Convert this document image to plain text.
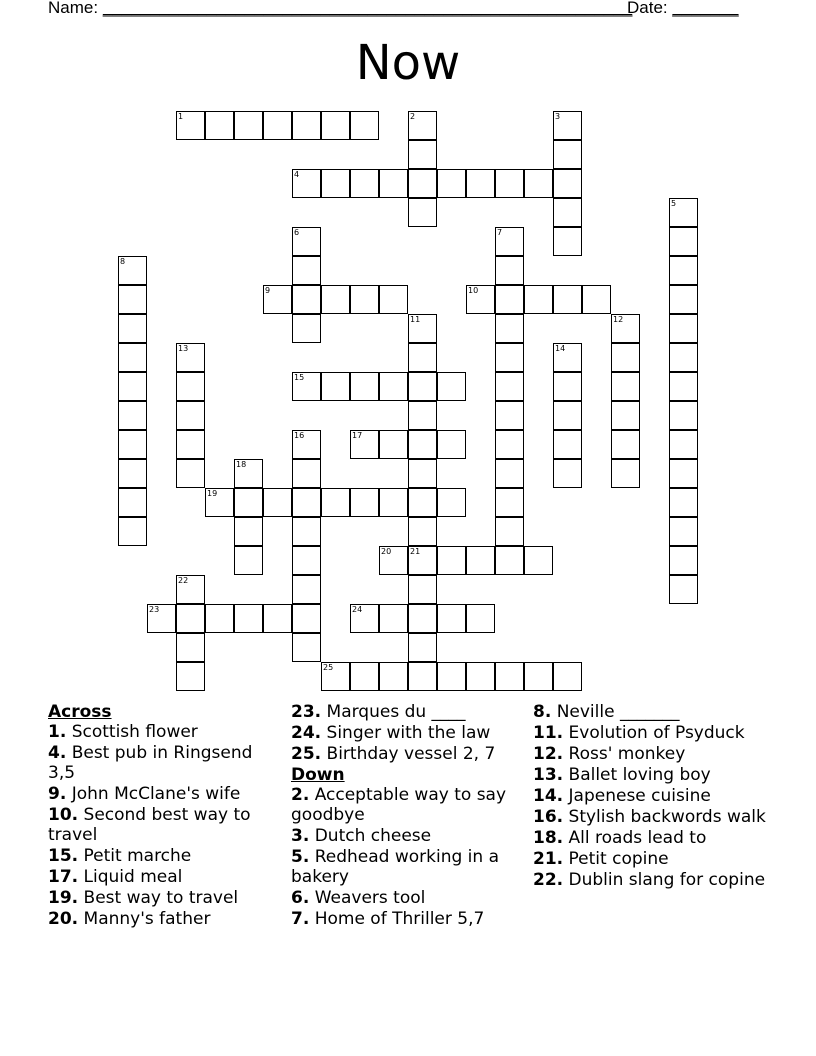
Name: ________________________________________________________
Date: _______
Now
1	2	3
4
5
6	7
8
9	10
11
21
12
13	14
15
16	17
18
19
20
22
23	24
25

Across

1. Scottish flower

4. Best pub in Ringsend 3,5

9. John McClane's wife

10. Second best way to travel

15. Petit marche

17. Liquid meal

19. Best way to travel

20. Manny's father

23. Marques du ____

24. Singer with the law

25. Birthday vessel 2, 7

Down

2. Acceptable way to say goodbye

3. Dutch cheese

5. Redhead working in a bakery

6. Weavers tool

7. Home of Thriller 5,7

8. Neville _______

11. Evolution of Psyduck

12. Ross' monkey

13. Ballet loving boy

14. Japenese cuisine

16. Stylish backwords walk

18. All roads lead to

21. Petit copine

22. Dublin slang for copine
